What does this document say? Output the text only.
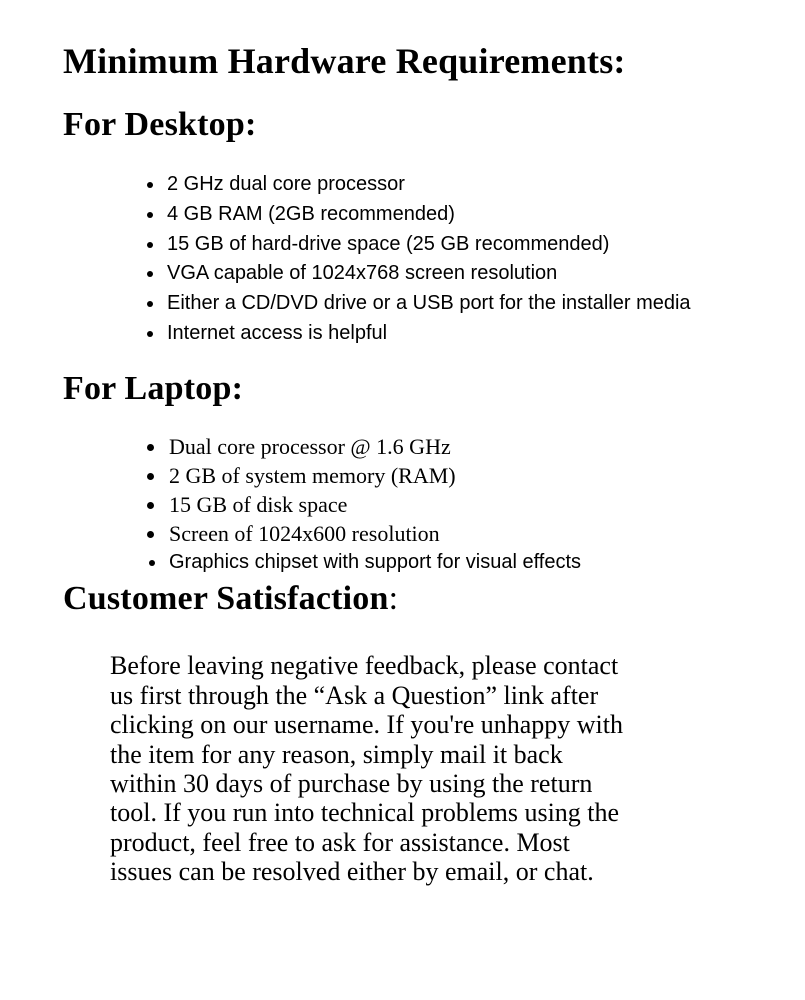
Minimum Hardware Requirements:
For Desktop:
• 2 GHz dual core processor
• 4 GB RAM (2GB recommended)
• 15 GB of hard-drive space (25 GB recommended)
• VGA capable of 1024x768 screen resolution
• Either a CD/DVD drive or a USB port for the installer media
• Internet access is helpful
For Laptop:
• Dual core processor @ 1.6 GHz
• 2 GB of system memory (RAM)
• 15 GB of disk space
• Screen of 1024x600 resolution
• Graphics chipset with support for visual effects
Customer Satisfaction:
Before leaving negative feedback, please contact
us first through the “Ask a Question” link after
clicking on our username. If you're unhappy with
the item for any reason, simply mail it back
within 30 days of purchase by using the return
tool. If you run into technical problems using the
product, feel free to ask for assistance. Most
issues can be resolved either by email, or chat.
